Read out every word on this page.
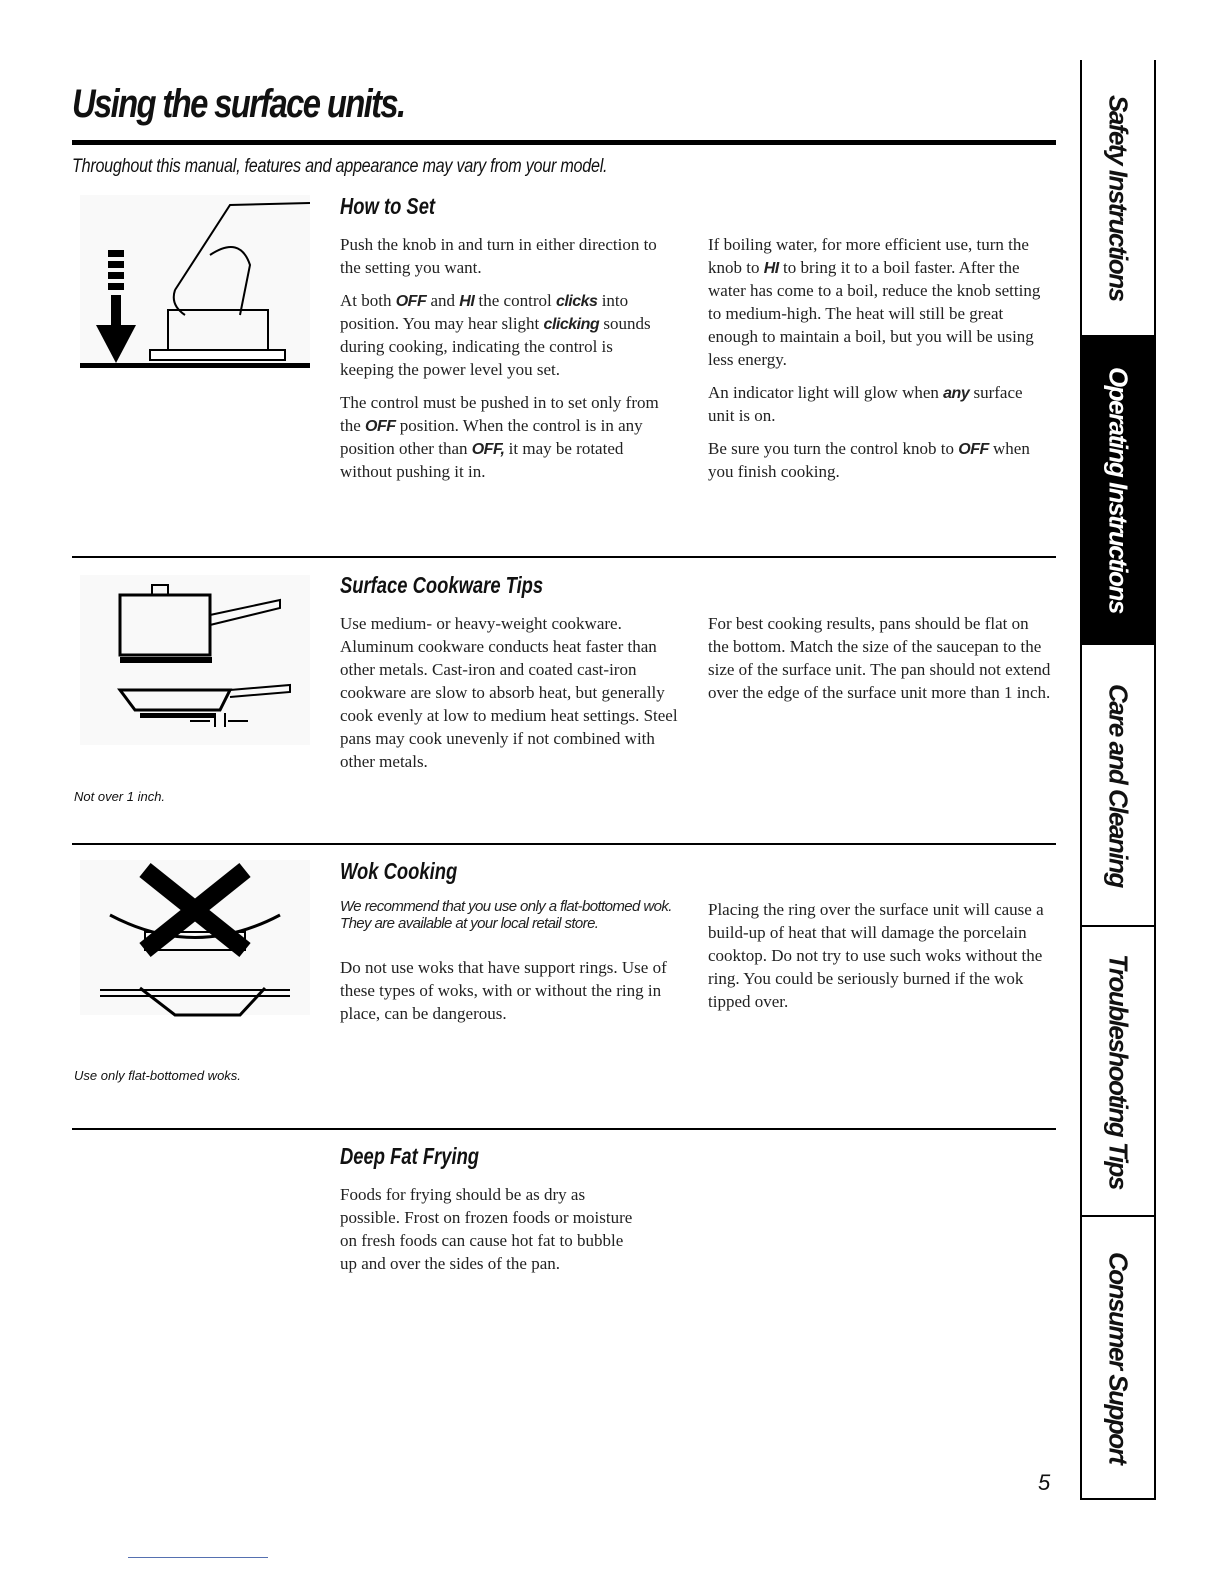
Using the surface units.
Throughout this manual, features and appearance may vary from your model.
How to Set

Push the knob in and turn in either direction to the setting you want.

At both OFF and HI the control clicks into position. You may hear slight clicking sounds during cooking, indicating the control is keeping the power level you set.

The control must be pushed in to set only from the OFF position. When the control is in any position other than OFF, it may be rotated without pushing it in.

If boiling water, for more efficient use, turn the knob to HI to bring it to a boil faster. After the water has come to a boil, reduce the knob setting to medium-high. The heat will still be great enough to maintain a boil, but you will be using less energy.

An indicator light will glow when any surface unit is on.

Be sure you turn the control knob to OFF when you finish cooking.

Not over 1 inch.
Surface Cookware Tips

Use medium- or heavy-weight cookware. Aluminum cookware conducts heat faster than other metals. Cast-iron and coated cast-iron cookware are slow to absorb heat, but generally cook evenly at low to medium heat settings. Steel pans may cook unevenly if not combined with other metals.

For best cooking results, pans should be flat on the bottom. Match the size of the saucepan to the size of the surface unit. The pan should not extend over the edge of the surface unit more than 1 inch.

Use only flat-bottomed woks.
Wok Cooking

We recommend that you use only a flat-bottomed wok. They are available at your local retail store.

Do not use woks that have support rings. Use of these types of woks, with or without the ring in place, can be dangerous.

Placing the ring over the surface unit will cause a build-up of heat that will damage the porcelain cooktop. Do not try to use such woks without the ring. You could be seriously burned if the wok tipped over.

Deep Fat Frying

Foods for frying should be as dry as possible. Frost on frozen foods or moisture on fresh foods can cause hot fat to bubble up and over the sides of the pan.

Safety Instructions
Operating Instructions
Care and Cleaning
Troubleshooting Tips
Consumer Support
5
